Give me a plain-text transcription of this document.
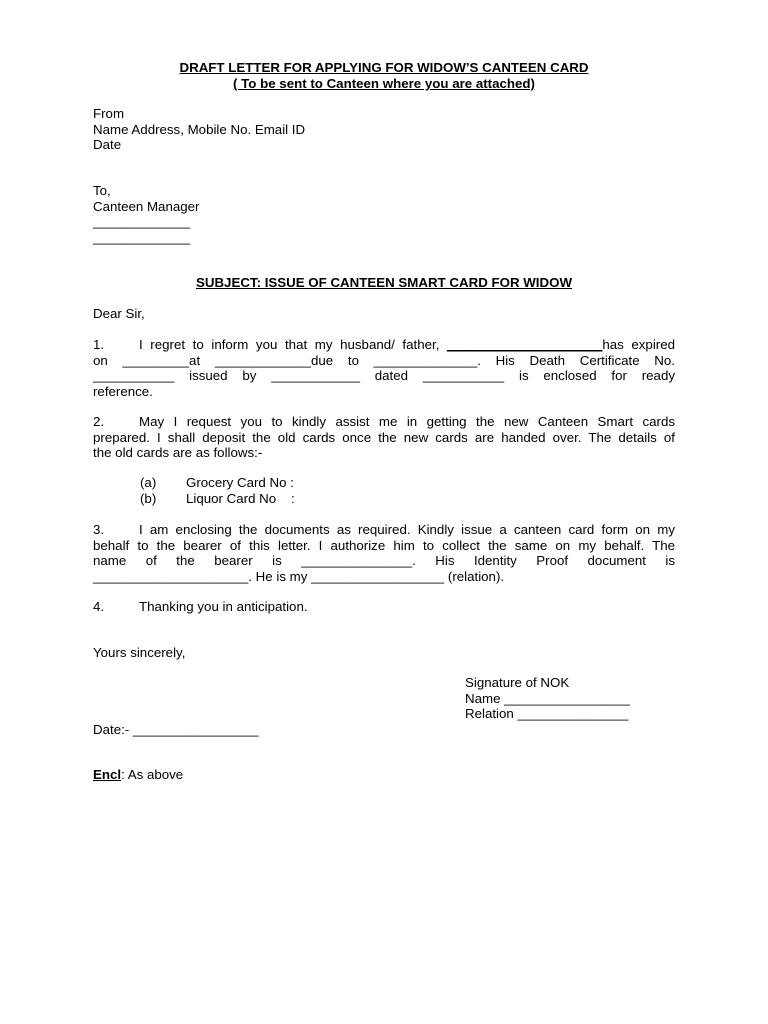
DRAFT LETTER FOR APPLYING FOR WIDOW’S CANTEEN CARD
( To be sent to Canteen where you are attached)
From
Name Address, Mobile No. Email ID
Date
To,
Canteen Manager
______________
______________
SUBJECT: ISSUE OF CANTEEN SMART CARD FOR WIDOW
Dear Sir,
1.	I regret to inform you that my husband/ father, _____________________has expired
on _________at _____________due to ______________. His Death Certificate No.
___________ issued by ____________ dated ___________ is enclosed for ready
reference.
2.	May I request you to kindly assist me in getting the new Canteen Smart cards
prepared. I shall deposit the old cards once the new cards are handed over. The details of
the old cards are as follows:-
(a) Grocery Card No :
(b) Liquor Card No    :
3.	I am enclosing the documents as required. Kindly issue a canteen card form on my
behalf to the bearer of this letter. I authorize him to collect the same on my behalf. The
name of the bearer is _______________. His Identity Proof document is
_____________________. He is my __________________ (relation).
4.	Thanking you in anticipation.
Yours sincerely,
Signature of NOK
Name _________________
Relation _______________
Date:- _________________
Encl: As above
